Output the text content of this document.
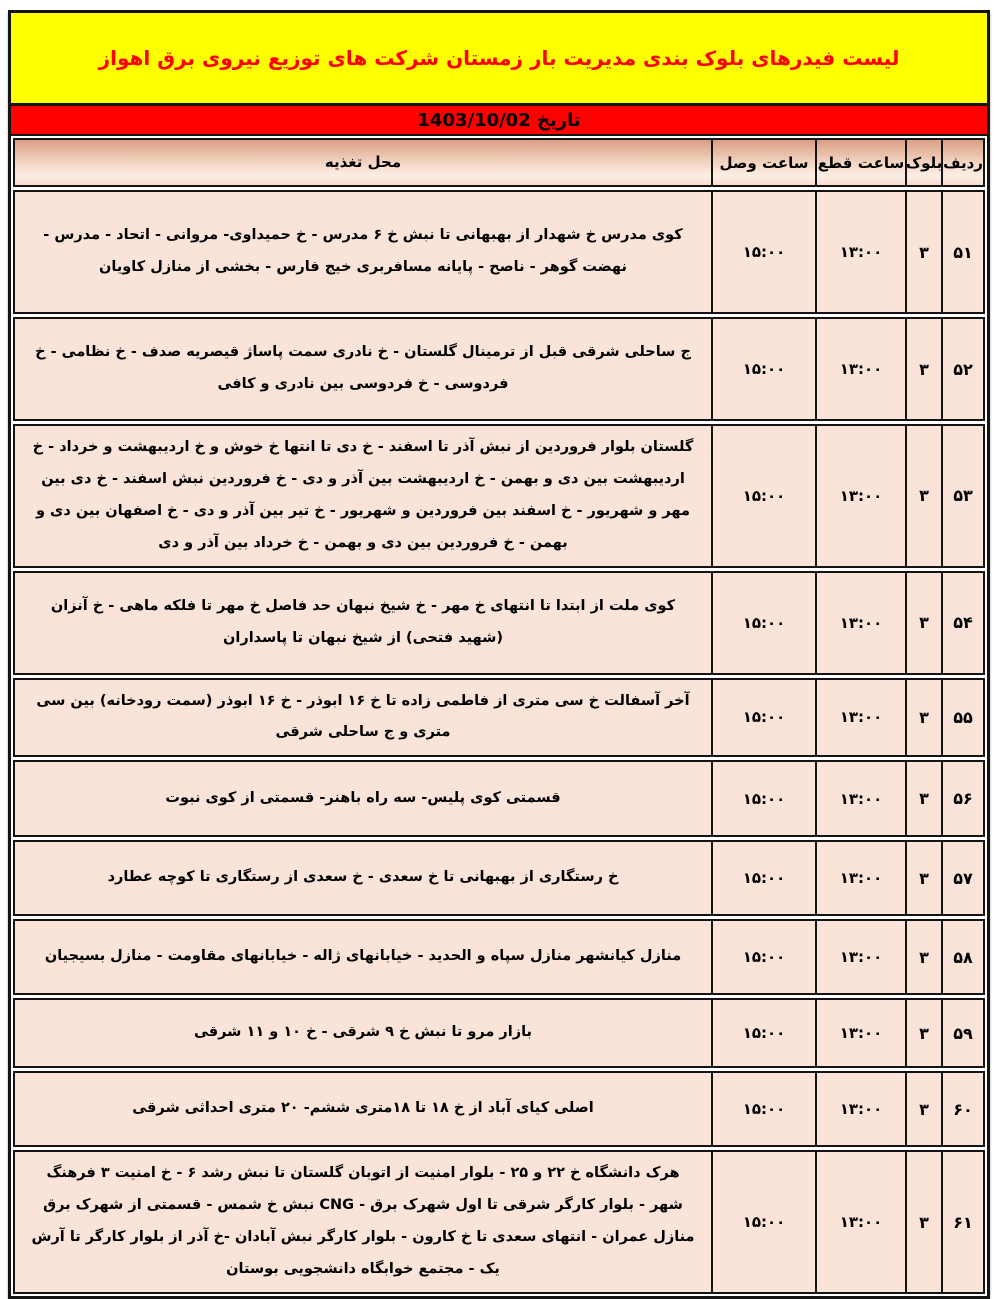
لیست فیدرهای بلوک بندی مدیریت بار زمستان شرکت های توزیع نیروی برق اهواز
تاریخ 1403/10/02
ردیف
بلوک
ساعت قطع
ساعت وصل
محل تغذیه
۵۱
۳
۱۳:۰۰
۱۵:۰۰
کوی مدرس خ شهدار از بهبهانی تا نبش خ ۶ مدرس - خ حمیداوی- مروانی - اتحاد - مدرس - نهضت گوهر - ناصح - پایانه مسافربری خیج فارس - بخشی از منازل کاویان
۵۲
۳
۱۳:۰۰
۱۵:۰۰
ج ساحلی شرقی قبل از ترمینال گلستان - خ نادری سمت پاساژ قیصریه صدف - خ نظامی - خ فردوسی - خ فردوسی بین نادری و کافی
۵۳
۳
۱۳:۰۰
۱۵:۰۰
گلستان بلوار فروردین از نبش آذر تا اسفند - خ دی تا انتها خ خوش و خ اردیبهشت و خرداد - خ اردیبهشت بین دی و بهمن - خ اردیبهشت بین آذر و دی - خ فروردین نبش اسفند - خ دی بین مهر و شهریور - خ اسفند بین فروردین و شهریور - خ تیر بین آذر و دی - خ اصفهان بین دی و بهمن - خ فروردین بین دی و بهمن - خ خرداد بین آذر و دی
۵۴
۳
۱۳:۰۰
۱۵:۰۰
کوی ملت از ابتدا تا انتهای خ مهر - خ شیخ نبهان حد فاصل خ مهر تا فلکه ماهی - خ آنزان (شهید فتحی) از شیخ نبهان تا پاسداران
۵۵
۳
۱۳:۰۰
۱۵:۰۰
آخر آسفالت خ سی متری از فاطمی زاده تا خ ۱۶ ابوذر - خ ۱۶ ابوذر (سمت رودخانه) بین سی متری و ج ساحلی شرقی
۵۶
۳
۱۳:۰۰
۱۵:۰۰
قسمتی کوی پلیس- سه راه باهنر- قسمتی از کوی نبوت
۵۷
۳
۱۳:۰۰
۱۵:۰۰
خ رستگاری از بهبهانی تا خ سعدی - خ سعدی از رستگاری تا کوچه عطارد
۵۸
۳
۱۳:۰۰
۱۵:۰۰
منازل کیانشهر منازل سپاه و الحدید - خیابانهای ژاله - خیابانهای مقاومت - منازل بسیجیان
۵۹
۳
۱۳:۰۰
۱۵:۰۰
بازار مرو تا نبش خ ۹ شرقی - خ ۱۰ و ۱۱ شرقی
۶۰
۳
۱۳:۰۰
۱۵:۰۰
اصلی کیای آباد از خ ۱۸ تا ۱۸متری ششم- ۲۰ متری احداثی شرقی
۶۱
۳
۱۳:۰۰
۱۵:۰۰
هرک دانشگاه خ ۲۲ و ۲۵ - بلوار امنیت از اتوبان گلستان تا نبش رشد ۶ - خ امنیت ۳ فرهنگ شهر - بلوار کارگر شرقی تا اول شهرک برق - CNG نبش خ شمس - قسمتی از شهرک برق منازل عمران - انتهای سعدی تا خ کارون - بلوار کارگر نبش آبادان -خ آذر از بلوار کارگر تا آرش یک - مجتمع خوابگاه دانشجویی بوستان
